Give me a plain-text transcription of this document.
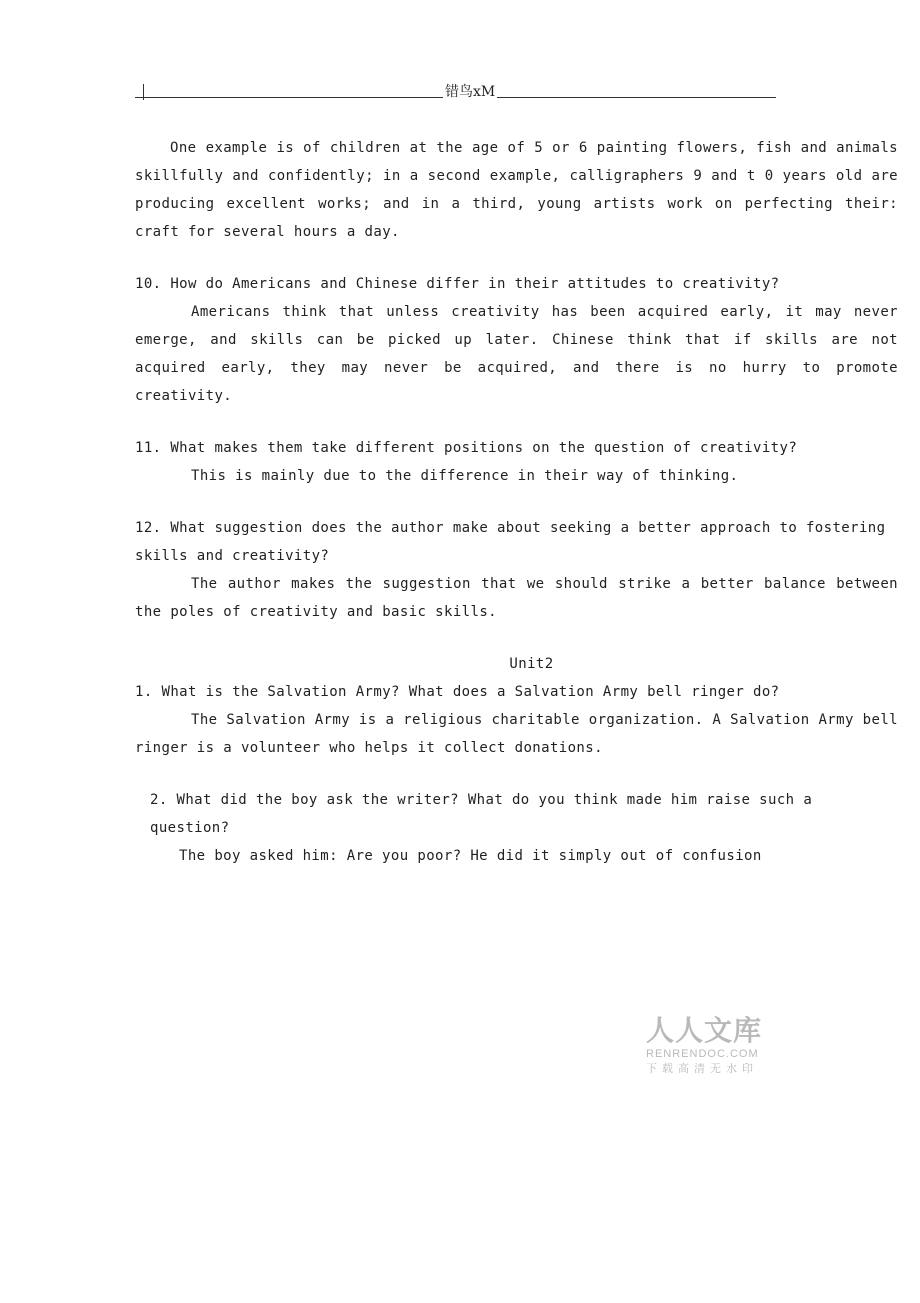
错鸟xM

One example is of children at the age of 5 or 6 painting flowers, fish and animals skillfully and confidently; in a second example, calligraphers 9 and t 0 years old are producing excellent works; and in a third, young artists work on perfecting their: craft for several hours a day.

10. How do Americans and Chinese differ in their attitudes to creativity?

Americans think that unless creativity has been acquired early, it may never emerge, and skills can be picked up later. Chinese think that if skills are not acquired early, they may never be acquired, and there is no hurry to promote creativity.

11. What makes them take different positions on the question of creativity?

This is mainly due to the difference in their way of thinking.

12. What suggestion does the author make about seeking a better approach to fostering skills and creativity?

The author makes the suggestion that we should strike a better balance between the poles of creativity and basic skills.

Unit2

1. What is the Salvation Army? What does a Salvation Army bell ringer do?

The Salvation Army is a religious charitable organization. A Salvation Army bell ringer is a volunteer who helps it collect donations.

2. What did the boy ask the writer? What do you think made him raise such a question?

The boy asked him: Are you poor? He did it simply out of confusion

人人文库
RENRENDOC.COM
下载高清无水印
